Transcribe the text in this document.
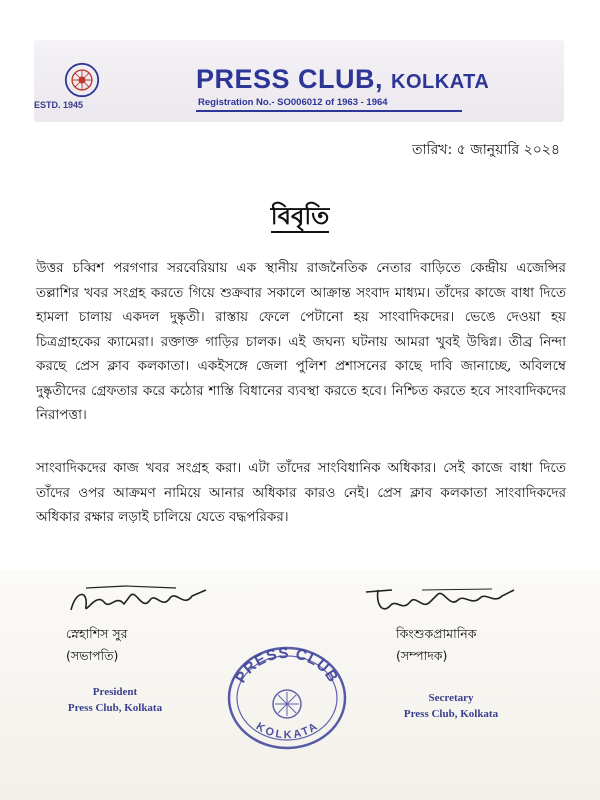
ESTD. 1945
PRESS CLUB, KOLKATA
Registration No.- SO006012 of 1963 - 1964
তারিখ: ৫ জানুয়ারি ২০২৪
বিবৃতি

উত্তর চব্বিশ পরগণার সরবেরিয়ায় এক স্থানীয় রাজনৈতিক নেতার বাড়িতে কেন্দ্রীয় এজেন্সির তল্লাশির খবর সংগ্রহ করতে গিয়ে শুক্রবার সকালে আক্রান্ত সংবাদ মাধ্যম। তাঁদের কাজে বাধা দিতে হামলা চালায় একদল দুষ্কৃতী। রাস্তায় ফেলে পেটানো হয় সাংবাদিকদের। ভেঙে দেওয়া হয় চিত্রগ্রাহকের ক্যামেরা। রক্তাক্ত গাড়ির চালক। এই জঘন্য ঘটনায় আমরা খুবই উদ্বিগ্ন। তীব্র নিন্দা করছে প্রেস ক্লাব কলকাতা। একইসঙ্গে জেলা পুলিশ প্রশাসনের কাছে দাবি জানাচ্ছে, অবিলম্বে দুষ্কৃতীদের গ্রেফতার করে কঠোর শাস্তি বিধানের ব্যবস্থা করতে হবে। নিশ্চিত করতে হবে সাংবাদিকদের নিরাপত্তা।

সাংবাদিকদের কাজ খবর সংগ্রহ করা। এটা তাঁদের সাংবিধানিক অধিকার। সেই কাজে বাধা দিতে তাঁদের ওপর আক্রমণ নামিয়ে আনার অধিকার কারও নেই। প্রেস ক্লাব কলকাতা সাংবাদিকদের অধিকার রক্ষার লড়াই চালিয়ে যেতে বদ্ধপরিকর।

স্নেহাশিস সুর
(সভাপতি)
President
Press Club, Kolkata
কিংশুকপ্রামানিক
(সম্পাদক)
Secretary
Press Club, Kolkata
PRESS CLUB
KOLKATA
